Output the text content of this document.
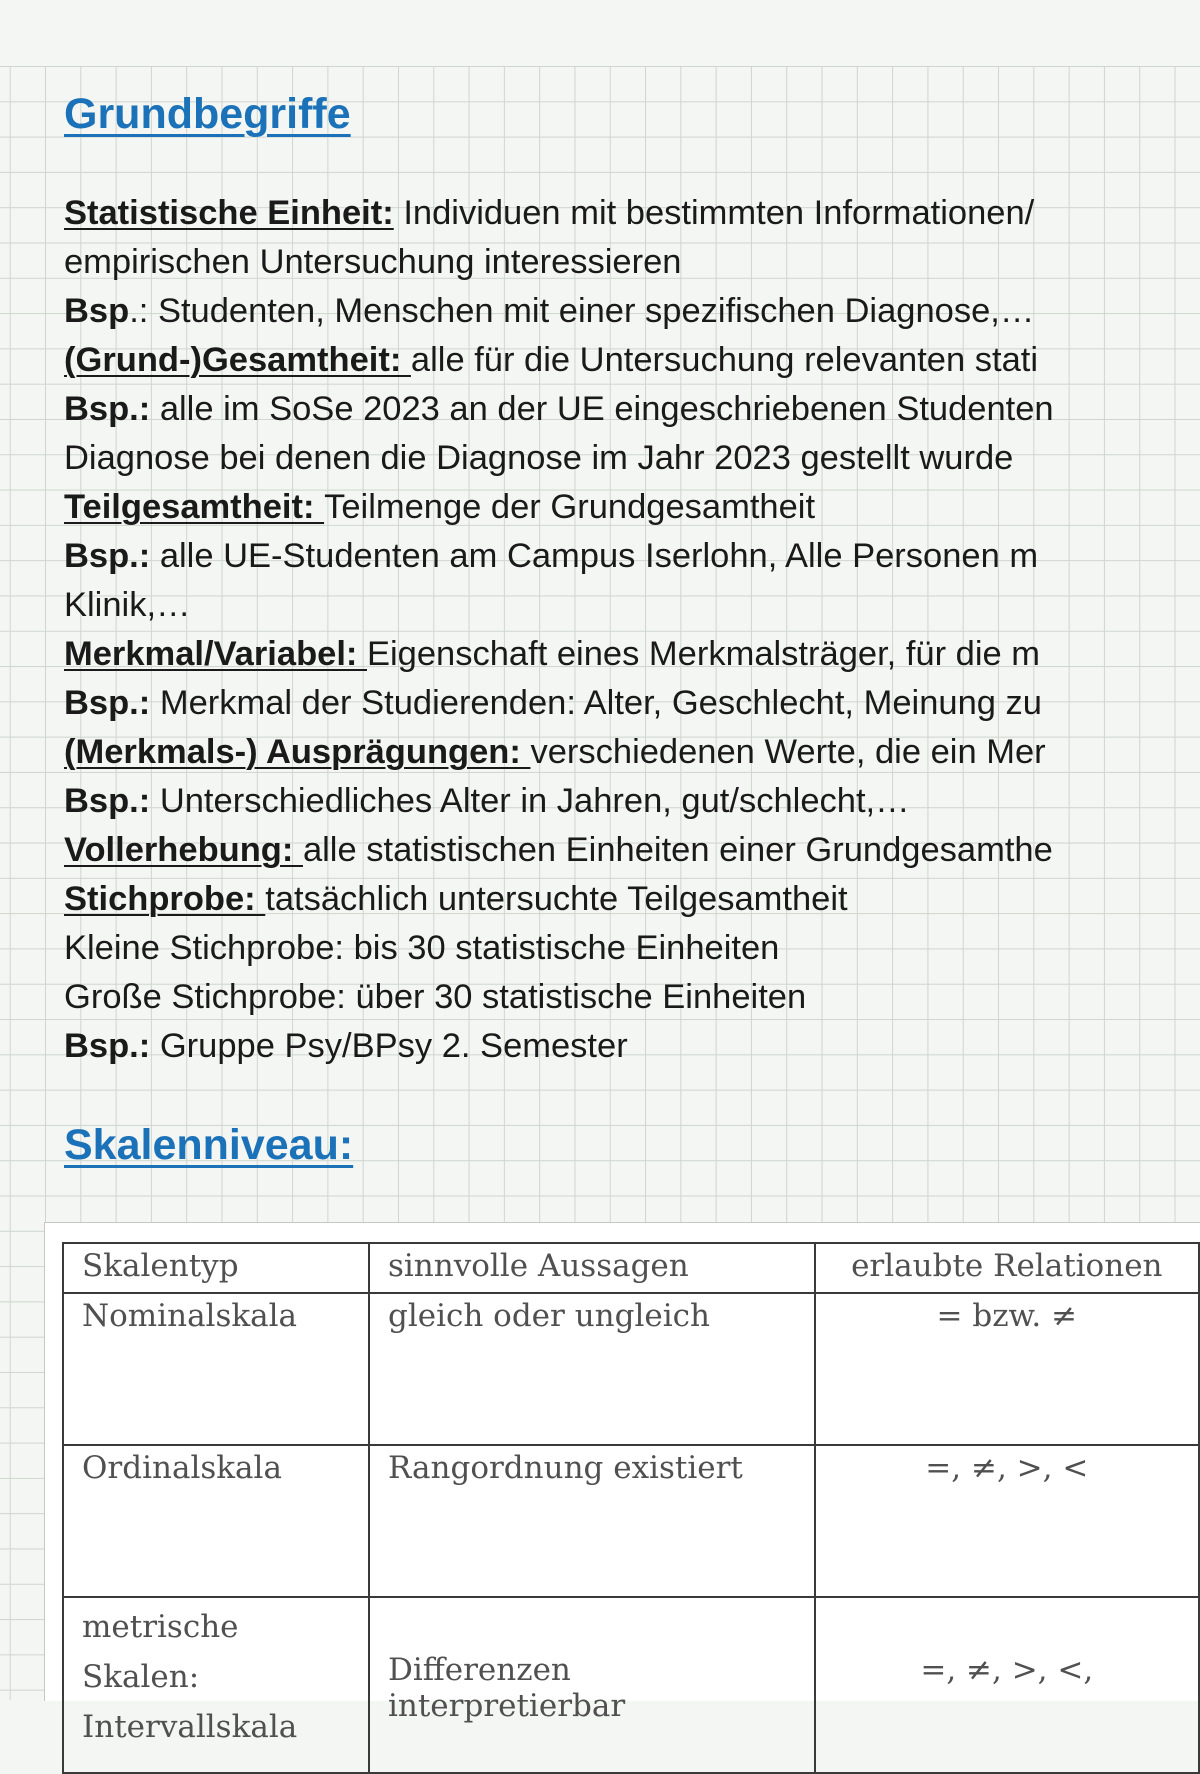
Grundbegriffe
Statistische Einheit: Individuen mit bestimmten Informationen/
empirischen Untersuchung interessieren
Bsp.: Studenten, Menschen mit einer spezifischen Diagnose,…
(Grund-)Gesamtheit: alle für die Untersuchung relevanten stati
Bsp.: alle im SoSe 2023 an der UE eingeschriebenen Studenten
Diagnose bei denen die Diagnose im Jahr 2023 gestellt wurde
Teilgesamtheit: Teilmenge der Grundgesamtheit
Bsp.: alle UE-Studenten am Campus Iserlohn, Alle Personen m
Klinik,…
Merkmal/Variabel: Eigenschaft eines Merkmalsträger, für die m
Bsp.: Merkmal der Studierenden: Alter, Geschlecht, Meinung zu
(Merkmals-) Ausprägungen: verschiedenen Werte, die ein Mer
Bsp.: Unterschiedliches Alter in Jahren, gut/schlecht,…
Vollerhebung: alle statistischen Einheiten einer Grundgesamthe
Stichprobe: tatsächlich untersuchte Teilgesamtheit
Kleine Stichprobe: bis 30 statistische Einheiten
Große Stichprobe: über 30 statistische Einheiten
Bsp.: Gruppe Psy/BPsy 2. Semester
Skalenniveau:
Skalentyp	sinnvolle Aussagen	erlaubte Relationen
Nominalskala	gleich oder ungleich	= bzw. ≠
Ordinalskala	Rangordnung existiert	=, ≠, >, <

metrische Skalen:
Intervallskala	Differenzen interpretierbar	=, ≠, >, <,
